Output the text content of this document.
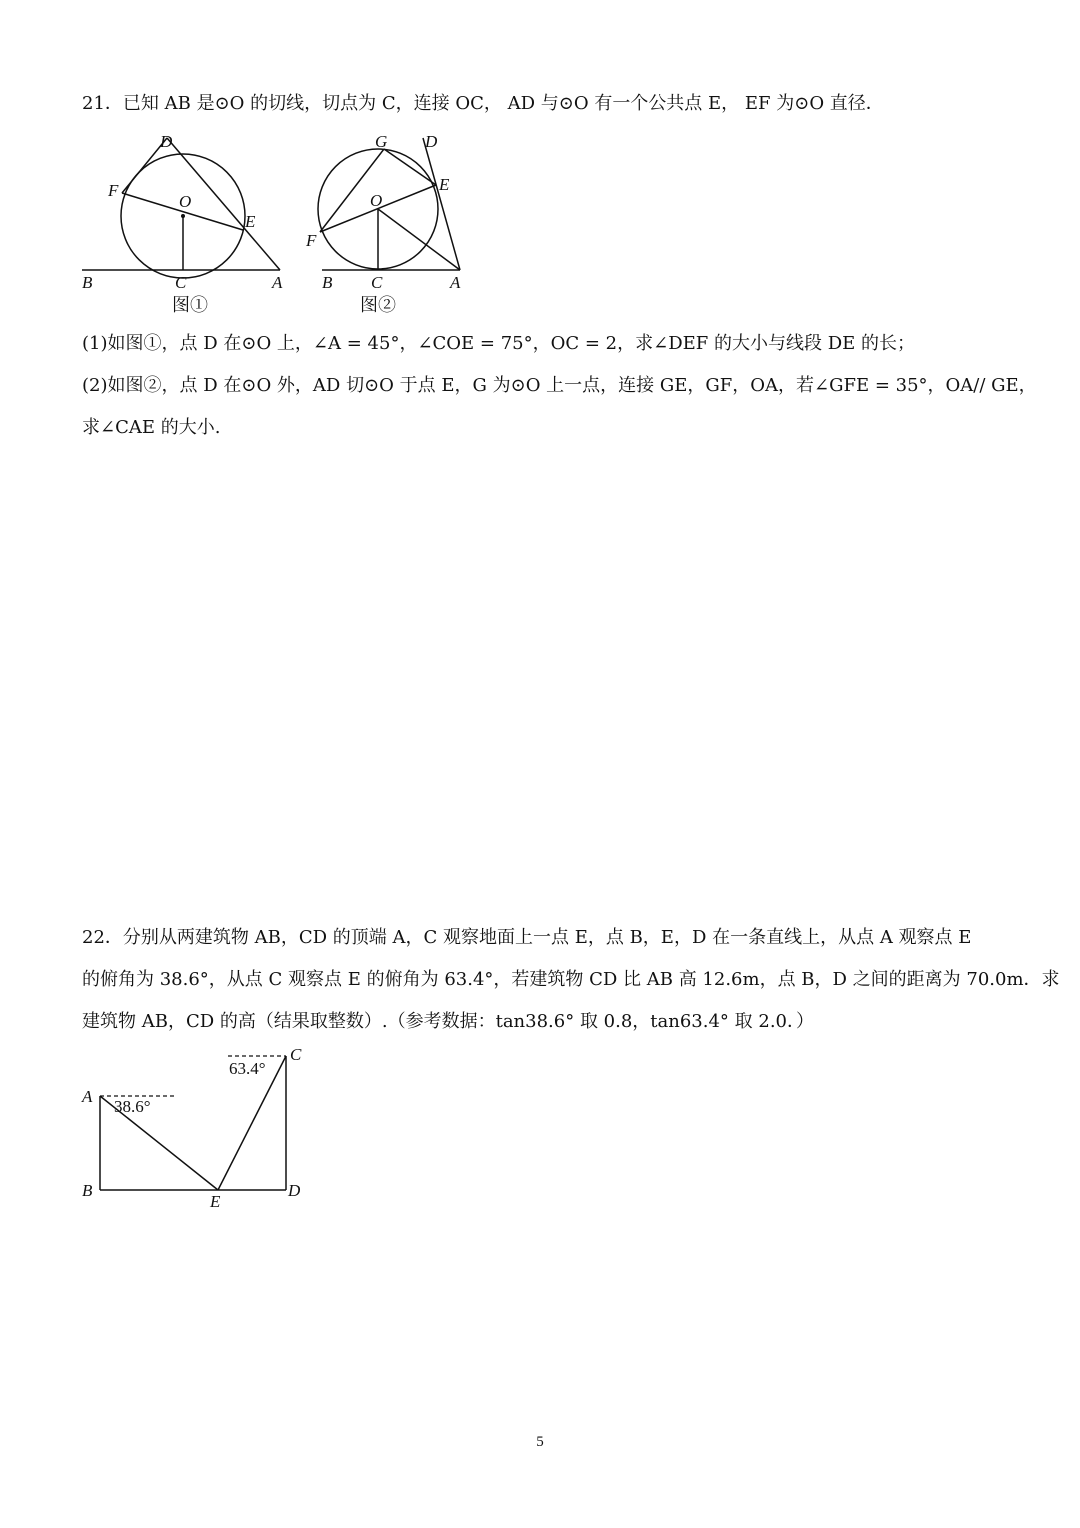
21．已知 AB 是⊙O 的切线，切点为 C，连接 OC， AD 与⊙O 有一个公共点 E， EF 为⊙O 直径．
D
F
O
E
B	C	A
图①
G D
E
O
F
B C	A
图②
(1)如图①，点 D 在⊙O 上，∠A = 45°，∠COE = 75°，OC = 2，求∠DEF 的大小与线段 DE 的长；
(2)如图②，点 D 在⊙O 外，AD 切⊙O 于点 E，G 为⊙O 上一点，连接 GE，GF，OA，若∠GFE = 35°，OA// GE，
求∠CAE 的大小.
22．分别从两建筑物 AB，CD 的顶端 A，C 观察地面上一点 E，点 B，E，D 在一条直线上，从点 A 观察点 E
的俯角为 38.6°，从点 C 观察点 E 的俯角为 63.4°，若建筑物 CD 比 AB 高 12.6m，点 B，D 之间的距离为 70.0m．求
建筑物 AB，CD 的高（结果取整数）.（参考数据：tan38.6° 取 0.8，tan63.4° 取 2.0．）
A
B
C
D
E
38.6°
63.4°
5
